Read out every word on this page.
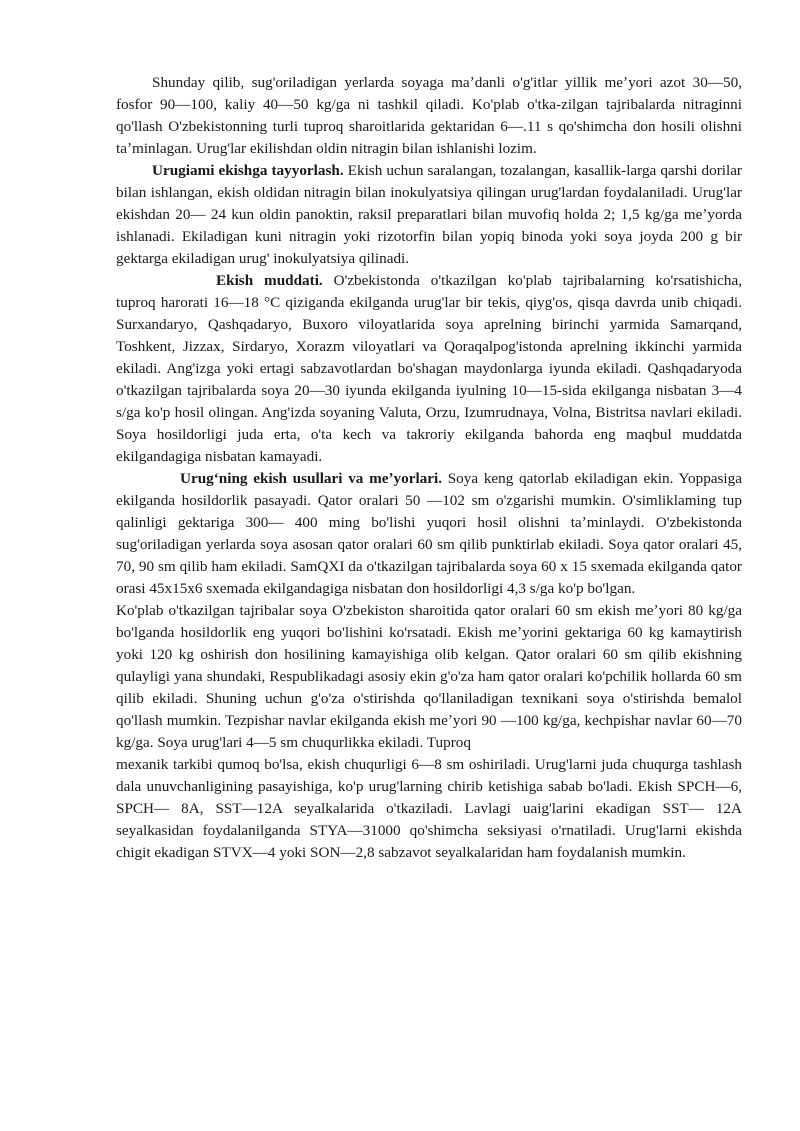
Shunday qilib, sug'oriladigan yerlarda soyaga maʼdanli o'g'itlar yillik meʼyori azot 30—50, fosfor 90—100, kaliy 40—50 kg/ga ni tashkil qiladi. Ko'plab o'tka-zilgan tajribalarda nitraginni qo'llash O'zbekistonning turli tuproq sharoitlarida gektaridan 6—.11 s qo'shimcha don hosili olishni taʼminlagan. Urug'lar ekilishdan oldin nitragin bilan ishlanishi lozim.

Urugiami ekishga tayyorlash. Ekish uchun saralangan, tozalangan, kasallik-larga qarshi dorilar bilan ishlangan, ekish oldidan nitragin bilan inokulyatsiya qilingan urug'lardan foydalaniladi. Urug'lar ekishdan 20— 24 kun oldin panoktin, raksil preparatlari bilan muvofiq holda 2; 1,5 kg/ga meʼyorda ishlanadi. Ekiladigan kuni nitragin yoki rizotorfin bilan yopiq binoda yoki soya joyda 200 g bir gektarga ekiladigan urug' inokulyatsiya qilinadi.

Ekish muddati. O'zbekistonda o'tkazilgan ko'plab tajribalarning ko'rsatishicha, tuproq harorati 16—18 °C qiziganda ekilganda urug'lar bir tekis, qiyg'os, qisqa davrda unib chiqadi. Surxandaryo, Qashqadaryo, Buxoro viloyatlarida soya aprelning birinchi yarmida Samarqand, Toshkent, Jizzax, Sirdaryo, Xorazm viloyatlari va Qoraqalpog'istonda aprelning ikkinchi yarmida ekiladi. Ang'izga yoki ertagi sabzavotlardan bo'shagan maydonlarga iyunda ekiladi. Qashqadaryoda o'tkazilgan tajribalarda soya 20—30 iyunda ekilganda iyulning 10—15-sida ekilganga nisbatan 3—4 s/ga ko'p hosil olingan. Ang'izda soyaning Valuta, Orzu, Izumrudnaya, Volna, Bistritsa navlari ekiladi. Soya hosildorligi juda erta, o'ta kech va takroriy ekilganda bahorda eng maqbul muddatda ekilgandagiga nisbatan kamayadi.

Urugʻning ekish usullari va meʼyorlari. Soya keng qatorlab ekiladigan ekin. Yoppasiga ekilganda hosildorlik pasayadi. Qator oralari 50 —102 sm o'zgarishi mumkin. O'simliklaming tup qalinligi gektariga 300— 400 ming bo'lishi yuqori hosil olishni taʼminlaydi. O'zbekistonda sug'oriladigan yerlarda soya asosan qator oralari 60 sm qilib punktirlab ekiladi. Soya qator oralari 45, 70, 90 sm qilib ham ekiladi. SamQXI da o'tkazilgan tajribalarda soya 60 x 15 sxemada ekilganda qator orasi 45x15x6 sxemada ekilgandagiga nisbatan don hosildorligi 4,3 s/ga ko'p bo'lgan.

Ko'plab o'tkazilgan tajribalar soya O'zbekiston sharoitida qator oralari 60 sm ekish meʼyori 80 kg/ga bo'lganda hosildorlik eng yuqori bo'lishini ko'rsatadi. Ekish meʼyorini gektariga 60 kg kamaytirish yoki 120 kg oshirish don hosilining kamayishiga olib kelgan. Qator oralari 60 sm qilib ekishning qulayligi yana shundaki, Respublikadagi asosiy ekin g'o'za ham qator oralari ko'pchilik hollarda 60 sm qilib ekiladi. Shuning uchun g'o'za o'stirishda qo'llaniladigan texnikani soya o'stirishda bemalol qo'llash mumkin. Tezpishar navlar ekilganda ekish meʼyori 90 —100 kg/ga, kechpishar navlar 60—70 kg/ga. Soya urug'lari 4—5 sm chuqurlikka ekiladi. Tuproq

mexanik tarkibi qumoq bo'lsa, ekish chuqurligi 6—8 sm oshiriladi. Urug'larni juda chuqurga tashlash dala unuvchanligining pasayishiga, ko'p urug'larning chirib ketishiga sabab bo'ladi. Ekish SPCH—6, SPCH— 8A, SST—12A seyalkalarida o'tkaziladi. Lavlagi uaig'larini ekadigan SST— 12A seyalkasidan foydalanilganda STYA—31000 qo'shimcha seksiyasi o'rnatiladi. Urug'larni ekishda chigit ekadigan STVX—4 yoki SON—2,8 sabzavot seyalkalaridan ham foydalanish mumkin.
